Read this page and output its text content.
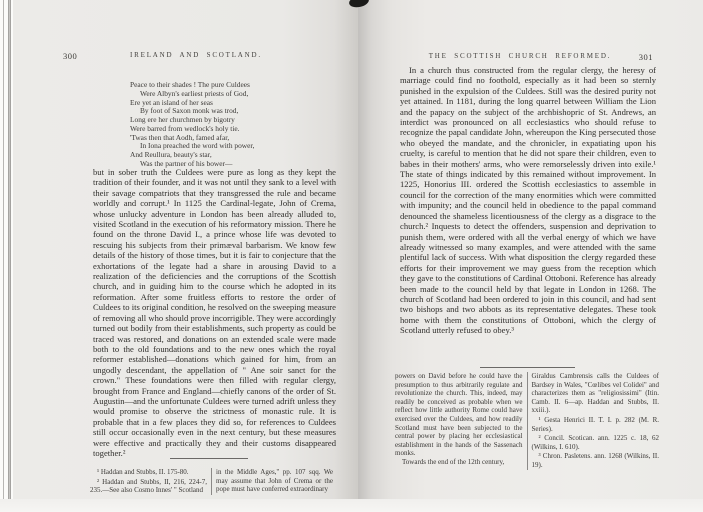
300	IRELAND AND SCOTLAND.
Peace to their shades ! The pure Culdees
Were Albyn's earliest priests of God,
Ere yet an island of her seas
By foot of Saxon monk was trod,
Long ere her churchmen by bigotry
Were barred from wedlock's holy tie.
'Twas then that Aodh, famed afar,
In Iona preached the word with power,
And Reullura, beauty's star,
Was the partner of his bower—
but in sober truth the Culdees were pure as long as they kept the tradition of their founder, and it was not until they sank to a level with their savage compatriots that they transgressed the rule and became worldly and corrupt.¹ In 1125 the Cardinal-legate, John of Crema, whose unlucky adventure in London has been already alluded to, visited Scotland in the execution of his reformatory mission. There he found on the throne David I., a prince whose life was devoted to rescuing his subjects from their primæval barbarism. We know few details of the history of those times, but it is fair to conjecture that the exhortations of the legate had a share in arousing David to a realization of the deficiencies and the corruptions of the Scottish church, and in guiding him to the course which he adopted in its reformation. After some fruitless efforts to restore the order of Culdees to its original condition, he resolved on the sweeping measure of removing all who should prove incorrigible. They were accordingly turned out bodily from their establishments, such property as could be traced was restored, and donations on an extended scale were made both to the old foundations and to the new ones which the royal reformer established—donations which gained for him, from an ungodly descendant, the appellation of " Ane soir sanct for the crown." These foundations were then filled with regular clergy, brought from France and England—chiefly canons of the order of St. Augustin—and the unfortunate Culdees were turned adrift unless they would promise to observe the strictness of monastic rule. It is probable that in a few places they did so, for references to Culdees still occur occasionally even in the next century, but these measures were effective and practically they and their customs disappeared together.²

¹ Haddan and Stubbs, II. 175-80.

² Haddan and Stubbs, II, 216, 224-7, 235.—See also Cosmo Innes' " Scotland

in the Middle Ages," pp. 107 sqq. We may assume that John of Crema or the pope must have conferred extraordinary

THE SCOTTISH CHURCH REFORMED.	301
In a church thus constructed from the regular clergy, the heresy of marriage could find no foothold, especially as it had been so sternly punished in the expulsion of the Culdees. Still was the desired purity not yet attained. In 1181, during the long quarrel between William the Lion and the papacy on the subject of the archbishopric of St. Andrews, an interdict was pronounced on all ecclesiastics who should refuse to recognize the papal candidate John, whereupon the King persecuted those who obeyed the mandate, and the chronicler, in expatiating upon his cruelty, is careful to mention that he did not spare their children, even to babes in their mothers' arms, who were remorselessly driven into exile.¹ The state of things indicated by this remained without improvement. In 1225, Honorius III. ordered the Scottish ecclesiastics to assemble in council for the correction of the many enormities which were committed with impunity; and the council held in obedience to the papal command denounced the shameless licentiousness of the clergy as a disgrace to the church.² Inquests to detect the offenders, suspension and deprivation to punish them, were ordered with all the verbal energy of which we have already witnessed so many examples, and were attended with the same plentiful lack of success. With what disposition the clergy regarded these efforts for their improvement we may guess from the reception which they gave to the constitutions of Cardinal Ottoboni. Reference has already been made to the council held by that legate in London in 1268. The church of Scotland had been ordered to join in this council, and had sent two bishops and two abbots as its representative delegates. These took home with them the constitutions of Ottoboni, which the clergy of Scotland utterly refused to obey.³

powers on David before he could have the presumption to thus arbitrarily regulate and revolutionize the church. This, indeed, may readily be conceived as probable when we reflect how little authority Rome could have exercised over the Culdees, and how readily Scotland must have been subjected to the central power by placing her ecclesiastical establishment in the hands of the Sassenach monks.

Towards the end of the 12th century,

Giraldus Cambrensis calls the Culdees of Bardsey in Wales, "Cœlibes vel Colidei" and characterizes them as "religiosissimi" (Itin. Camb. II. 6—ap. Haddan and Stubbs, II. xxiii.).

¹ Gesta Henrici II. T. I. p. 282 (M. R. Series).

² Concil. Scotican. ann. 1225 c. 18, 62 (Wilkins, I. 610).

³ Chron. Pasletens. ann. 1268 (Wilkins, II. 19).
